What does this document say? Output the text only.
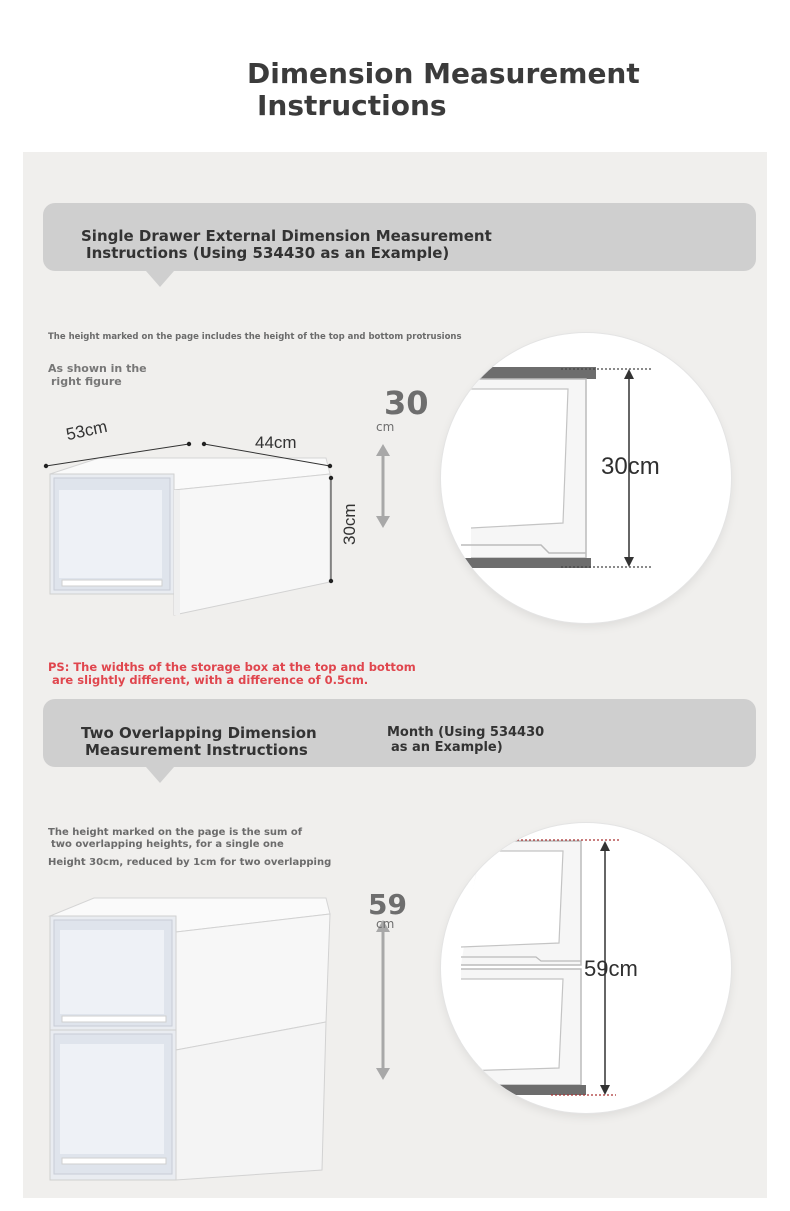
Dimension Measurement
Instructions
Single Drawer External Dimension Measurement
Instructions (Using 534430 as an Example)
The height marked on the page includes the height of the top and bottom protrusions
As shown in the
right figure
53cm	44cm
30cm
30
cm
30cm
PS: The widths of the storage box at the top and bottom
are slightly different, with a difference of 0.5cm.
Two Overlapping Dimension
Measurement Instructions
Month (Using 534430
as an Example)
The height marked on the page is the sum of
two overlapping heights, for a single one
Height 30cm, reduced by 1cm for two overlapping
59
cm
59cm
